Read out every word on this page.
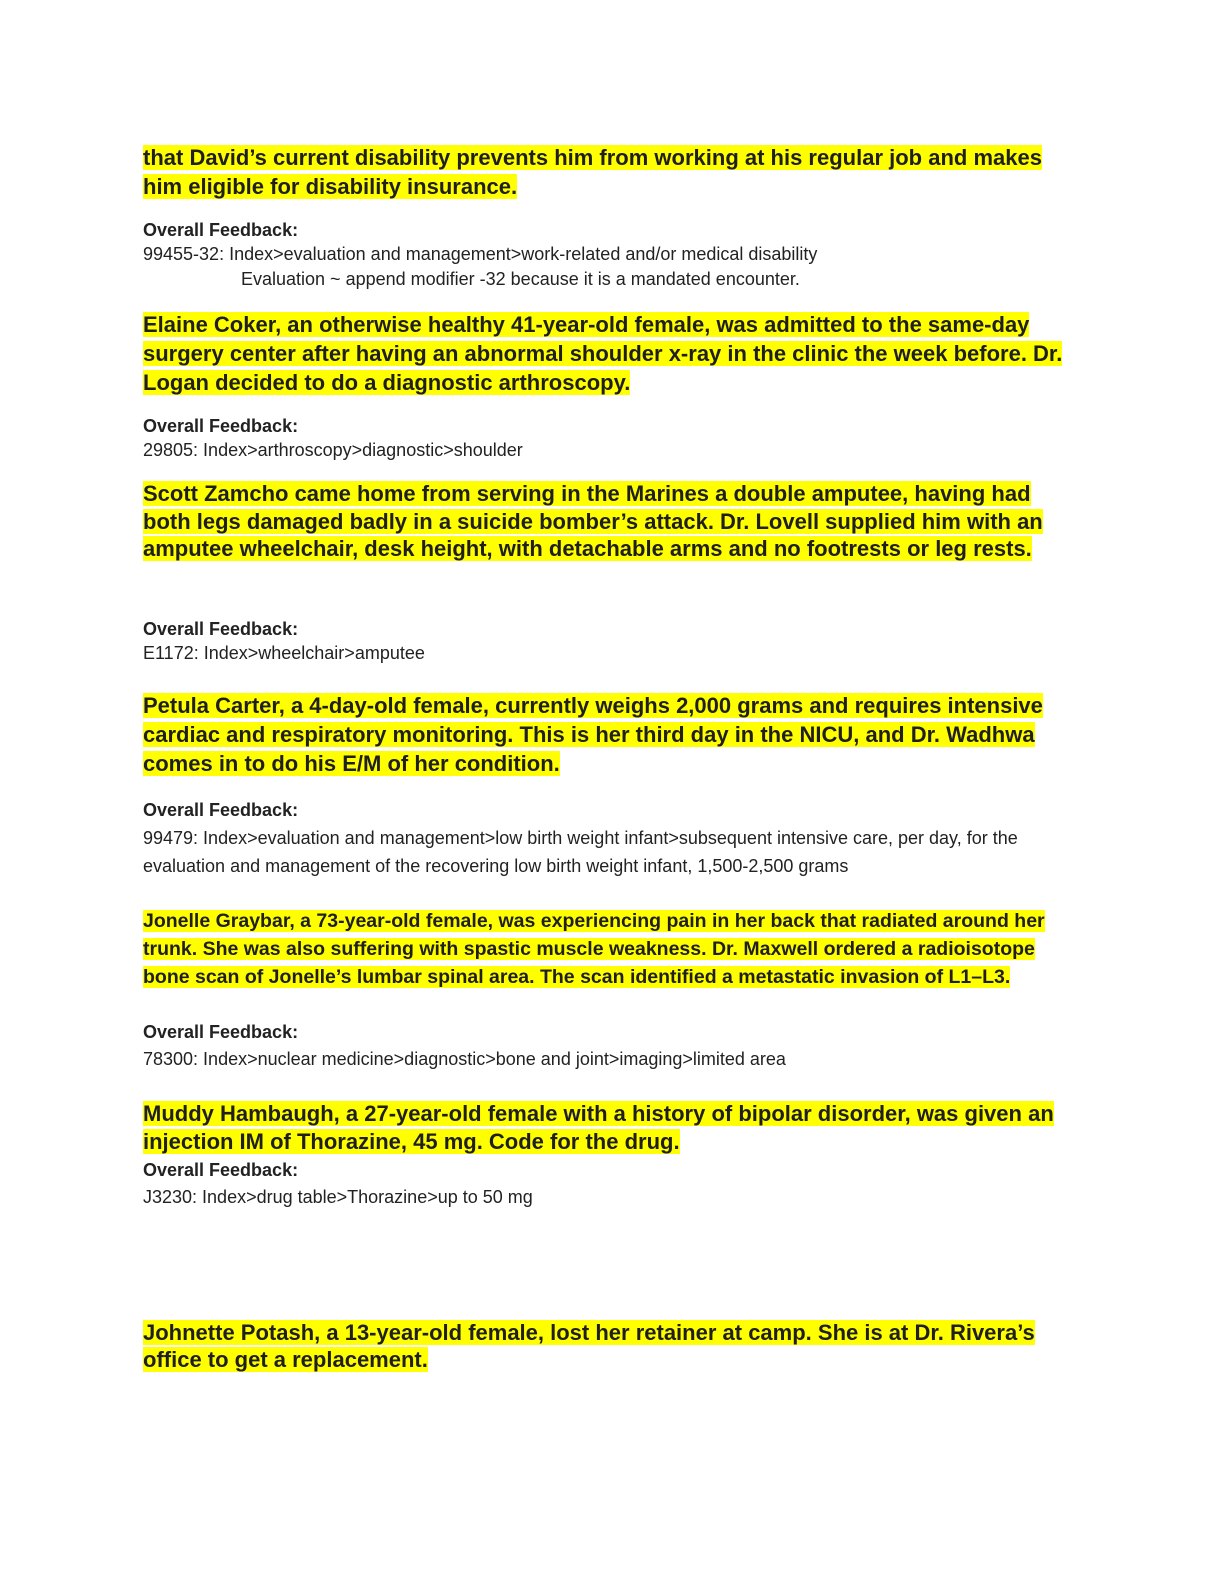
that David’s current disability prevents him from working at his regular job and makes him eligible for disability insurance.
Overall Feedback:
99455-32: Index>evaluation and management>work-related and/or medical disability
Evaluation ~ append modifier -32 because it is a mandated encounter.
Elaine Coker, an otherwise healthy 41-year-old female, was admitted to the same-day surgery center after having an abnormal shoulder x-ray in the clinic the week before. Dr. Logan decided to do a diagnostic arthroscopy.
Overall Feedback:
29805: Index>arthroscopy>diagnostic>shoulder
Scott Zamcho came home from serving in the Marines a double amputee, having had both legs damaged badly in a suicide bomber’s attack. Dr. Lovell supplied him with an amputee wheelchair, desk height, with detachable arms and no footrests or leg rests.
Overall Feedback:
E1172: Index>wheelchair>amputee
Petula Carter, a 4-day-old female, currently weighs 2,000 grams and requires intensive cardiac and respiratory monitoring. This is her third day in the NICU, and Dr. Wadhwa comes in to do his E/M of her condition.
Overall Feedback:
99479: Index>evaluation and management>low birth weight infant>subsequent intensive care, per day, for the evaluation and management of the recovering low birth weight infant, 1,500-2,500 grams
Jonelle Graybar, a 73-year-old female, was experiencing pain in her back that radiated around her trunk. She was also suffering with spastic muscle weakness. Dr. Maxwell ordered a radioisotope bone scan of Jonelle’s lumbar spinal area. The scan identified a metastatic invasion of L1–L3.
Overall Feedback:
78300: Index>nuclear medicine>diagnostic>bone and joint>imaging>limited area
Muddy Hambaugh, a 27-year-old female with a history of bipolar disorder, was given an injection IM of Thorazine, 45 mg. Code for the drug.
Overall Feedback:
J3230: Index>drug table>Thorazine>up to 50 mg
Johnette Potash, a 13-year-old female, lost her retainer at camp. She is at Dr. Rivera’s office to get a replacement.
